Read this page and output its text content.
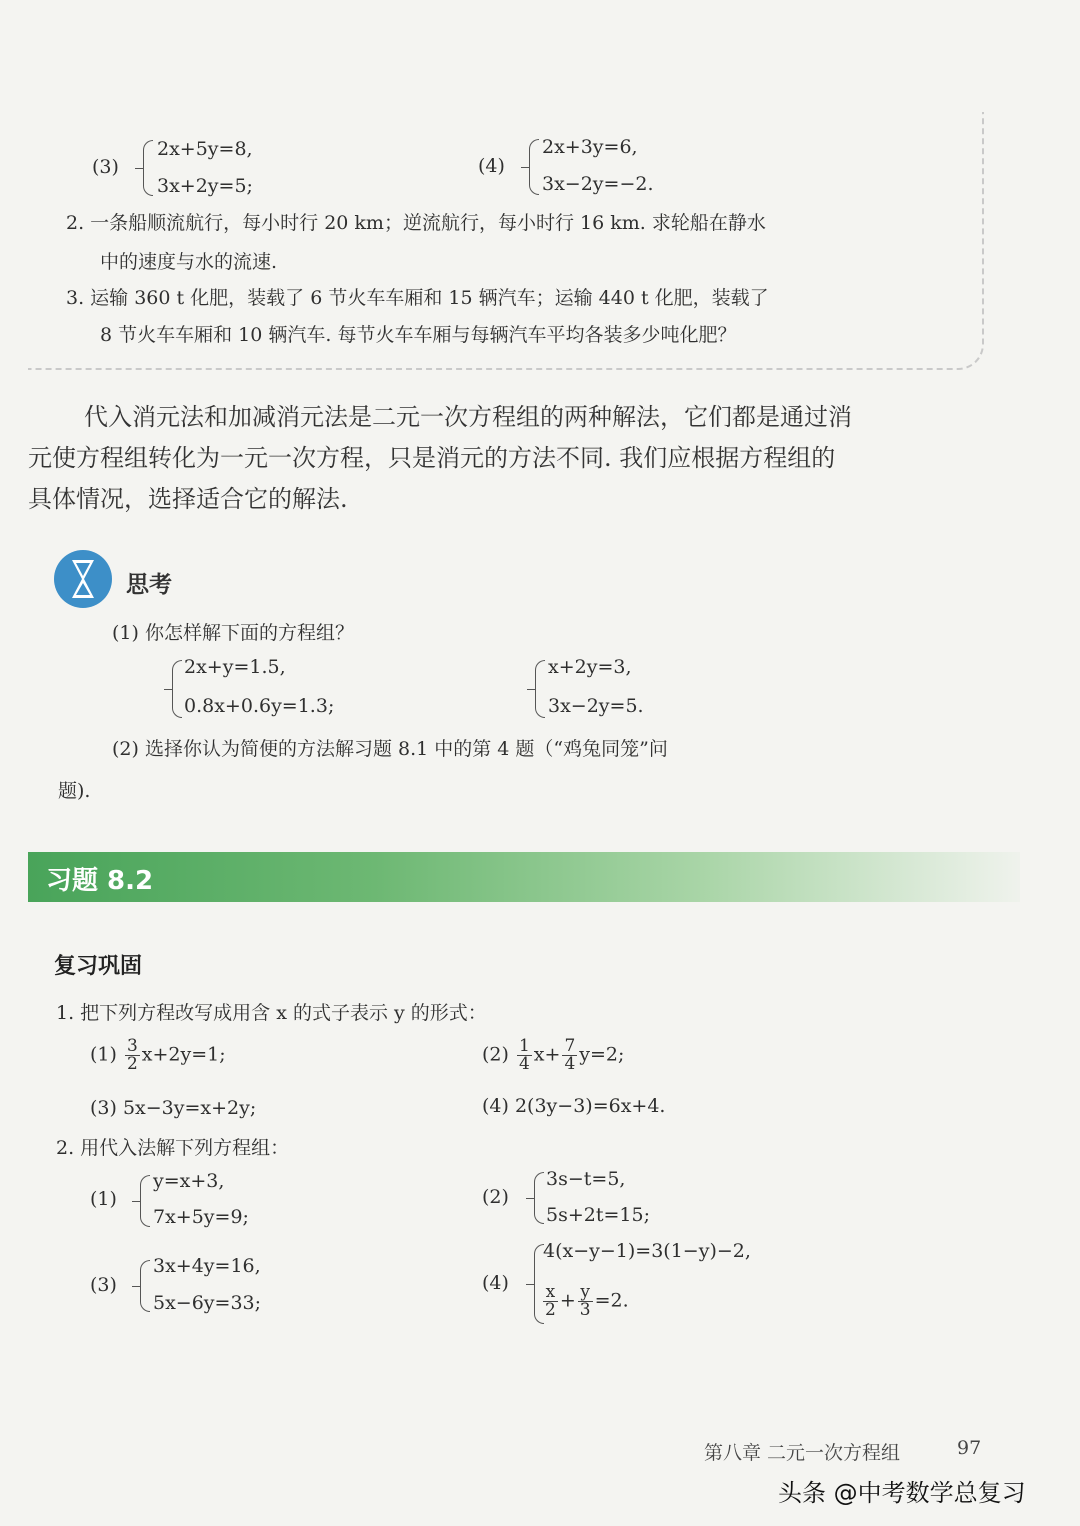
(3)
2x+5y=8,
3x+2y=5;
(4)
2x+3y=6,
3x−2y=−2.
2. 一条船顺流航行，每小时行 20 km；逆流航行，每小时行 16 km. 求轮船在静水
中的速度与水的流速.
3. 运输 360 t 化肥，装载了 6 节火车车厢和 15 辆汽车；运输 440 t 化肥，装载了
8 节火车车厢和 10 辆汽车. 每节火车车厢与每辆汽车平均各装多少吨化肥？
代入消元法和加减消元法是二元一次方程组的两种解法，它们都是通过消
元使方程组转化为一元一次方程，只是消元的方法不同. 我们应根据方程组的
具体情况，选择适合它的解法.
思考
(1) 你怎样解下面的方程组？
2x+y=1.5,
0.8x+0.6y=1.3;
x+2y=3,
3x−2y=5.
(2) 选择你认为简便的方法解习题 8.1 中的第 4 题（“鸡兔同笼”问
题).
习题 8.2
复习巩固
1. 把下列方程改写成用含 x 的式子表示 y 的形式：
$(1) \frac{3}{2} x+2y=1$;	$(2) \frac{1}{4} x+ \frac{7}{4} y=2$;
(3) 5x−3y=x+2y;	(4) 2(3y−3)=6x+4.
2. 用代入法解下列方程组：
(1)
y=x+3,
7x+5y=9;
(2)
3s−t=5,
5s+2t=15;
(3)
3x+4y=16,
5x−6y=33;
(4)
4(x−y−1)=3(1−y)−2,
$\frac{x}{2} + \frac{y}{3} =2$.
第八章 二元一次方程组	97
头条 @中考数学总复习
